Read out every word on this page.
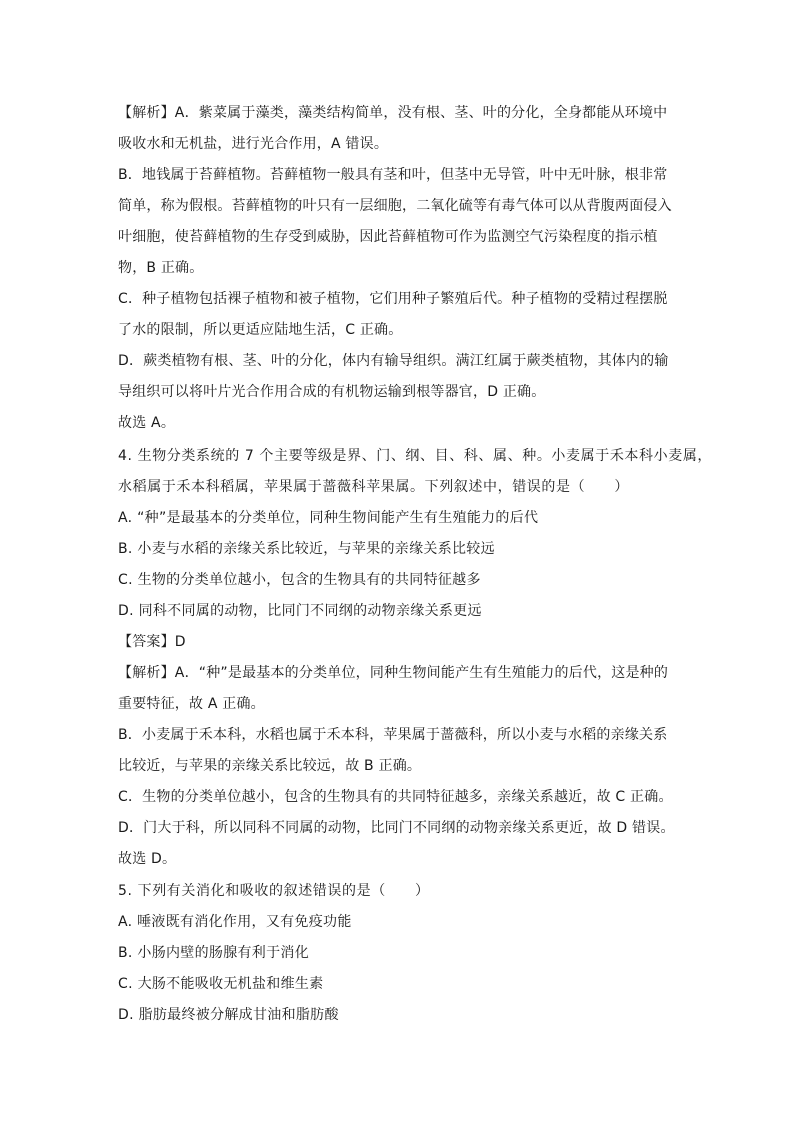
【解析】A．紫菜属于藻类，藻类结构简单，没有根、茎、叶的分化，全身都能从环境中
吸收水和无机盐，进行光合作用，A 错误。
B．地钱属于苔藓植物。苔藓植物一般具有茎和叶，但茎中无导管，叶中无叶脉，根非常
简单，称为假根。苔藓植物的叶只有一层细胞，二氧化硫等有毒气体可以从背腹两面侵入
叶细胞，使苔藓植物的生存受到威胁，因此苔藓植物可作为监测空气污染程度的指示植
物，B 正确。
C．种子植物包括裸子植物和被子植物，它们用种子繁殖后代。种子植物的受精过程摆脱
了水的限制，所以更适应陆地生活，C 正确。
D．蕨类植物有根、茎、叶的分化，体内有输导组织。满江红属于蕨类植物，其体内的输
导组织可以将叶片光合作用合成的有机物运输到根等器官，D 正确。
故选 A。
4. 生物分类系统的 7 个主要等级是界、门、纲、目、科、属、种。小麦属于禾本科小麦属，
水稻属于禾本科稻属，苹果属于蔷薇科苹果属。下列叙述中，错误的是（　　）
A. “种”是最基本的分类单位，同种生物间能产生有生殖能力的后代
B. 小麦与水稻的亲缘关系比较近，与苹果的亲缘关系比较远
C. 生物的分类单位越小，包含的生物具有的共同特征越多
D. 同科不同属的动物，比同门不同纲的动物亲缘关系更远
【答案】D
【解析】A．“种”是最基本的分类单位，同种生物间能产生有生殖能力的后代，这是种的
重要特征，故 A 正确。
B．小麦属于禾本科，水稻也属于禾本科，苹果属于蔷薇科，所以小麦与水稻的亲缘关系
比较近，与苹果的亲缘关系比较远，故 B 正确。
C．生物的分类单位越小，包含的生物具有的共同特征越多，亲缘关系越近，故 C 正确。
D．门大于科，所以同科不同属的动物，比同门不同纲的动物亲缘关系更近，故 D 错误。
故选 D。
5. 下列有关消化和吸收的叙述错误的是（　　）
A. 唾液既有消化作用，又有免疫功能
B. 小肠内壁的肠腺有利于消化
C. 大肠不能吸收无机盐和维生素
D. 脂肪最终被分解成甘油和脂肪酸
